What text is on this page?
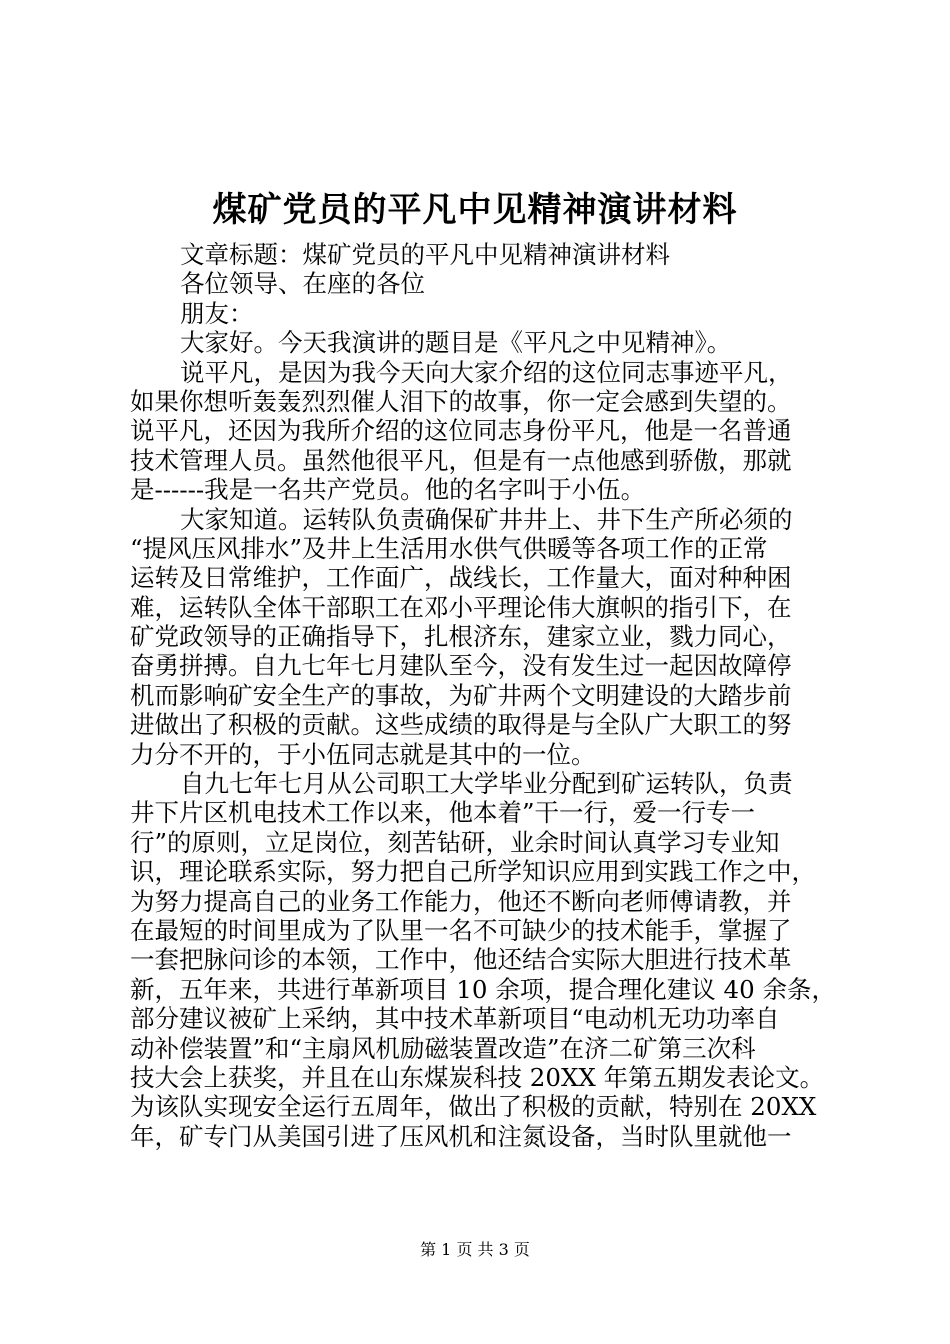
煤矿党员的平凡中见精神演讲材料
文章标题：煤矿党员的平凡中见精神演讲材料
各位领导、在座的各位
朋友：
大家好。今天我演讲的题目是《平凡之中见精神》。
说平凡，是因为我今天向大家介绍的这位同志事迹平凡，
如果你想听轰轰烈烈催人泪下的故事，你一定会感到失望的。
说平凡，还因为我所介绍的这位同志身份平凡，他是一名普通
技术管理人员。虽然他很平凡，但是有一点他感到骄傲，那就
是------我是一名共产党员。他的名字叫于小伍。
大家知道。运转队负责确保矿井井上、井下生产所必须的
“提风压风排水”及井上生活用水供气供暖等各项工作的正常
运转及日常维护，工作面广，战线长，工作量大，面对种种困
难，运转队全体干部职工在邓小平理论伟大旗帜的指引下，在
矿党政领导的正确指导下，扎根济东，建家立业，戮力同心，
奋勇拼搏。自九七年七月建队至今，没有发生过一起因故障停
机而影响矿安全生产的事故，为矿井两个文明建设的大踏步前
进做出了积极的贡献。这些成绩的取得是与全队广大职工的努
力分不开的，于小伍同志就是其中的一位。
自九七年七月从公司职工大学毕业分配到矿运转队，负责
井下片区机电技术工作以来，他本着”干一行，爱一行专一
行”的原则，立足岗位，刻苦钻研，业余时间认真学习专业知
识，理论联系实际，努力把自己所学知识应用到实践工作之中，
为努力提高自己的业务工作能力，他还不断向老师傅请教，并
在最短的时间里成为了队里一名不可缺少的技术能手，掌握了
一套把脉问诊的本领，工作中，他还结合实际大胆进行技术革
新，五年来，共进行革新项目 10 余项，提合理化建议 40 余条，
部分建议被矿上采纳，其中技术革新项目“电动机无功功率自
动补偿装置”和“主扇风机励磁装置改造”在济二矿第三次科
技大会上获奖，并且在山东煤炭科技 20XX 年第五期发表论文。
为该队实现安全运行五周年，做出了积极的贡献，特别在 20XX
年，矿专门从美国引进了压风机和注氮设备，当时队里就他一
第 1 页 共 3 页
